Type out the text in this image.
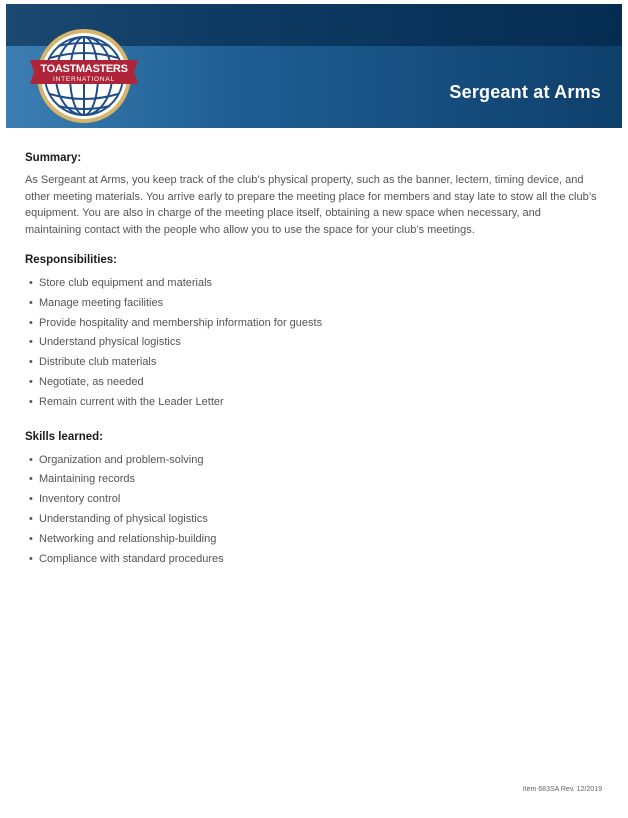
TOASTMASTERS
INTERNATIONAL
Sergeant at Arms
Summary:

As Sergeant at Arms, you keep track of the club’s physical property, such as the banner, lectern, timing device, and other meeting materials. You arrive early to prepare the meeting place for members and stay late to stow all the club’s equipment. You are also in charge of the meeting place itself, obtaining a new space when necessary, and maintaining contact with the people who allow you to use the space for your club’s meetings.

Responsibilities:
• Store club equipment and materials
• Manage meeting facilities
• Provide hospitality and membership information for guests
• Understand physical logistics
• Distribute club materials
• Negotiate, as needed
• Remain current with the Leader Letter
Skills learned:
• Organization and problem-solving
• Maintaining records
• Inventory control
• Understanding of physical logistics
• Networking and relationship-building
• Compliance with standard procedures
Item 683SA Rev. 12/2019
